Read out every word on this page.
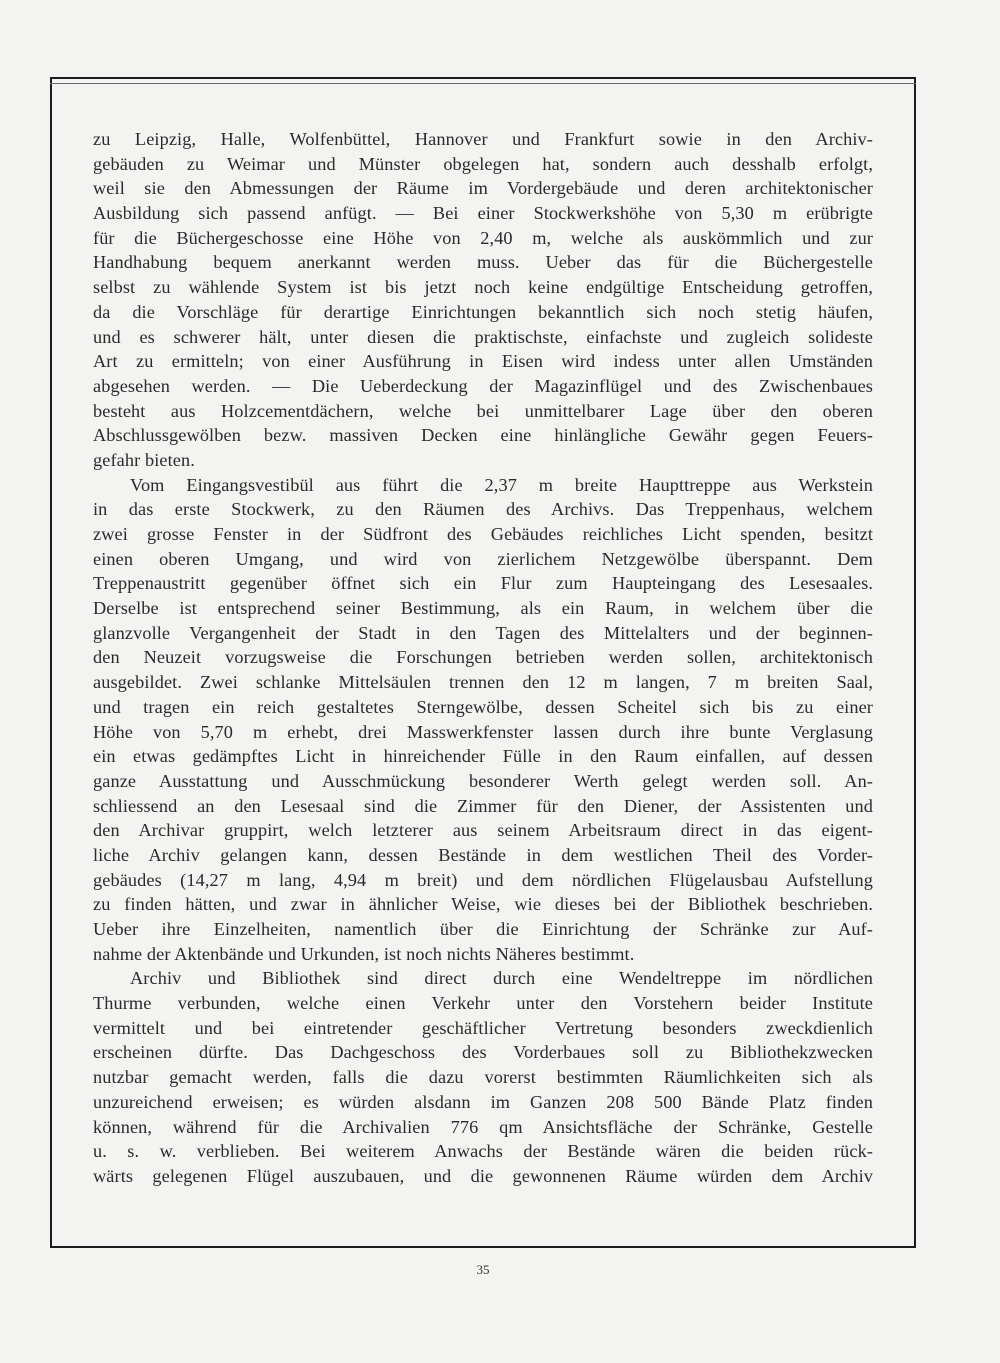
zu Leipzig, Halle, Wolfenbüttel, Hannover und Frankfurt sowie in den Archiv-
gebäuden zu Weimar und Münster obgelegen hat, sondern auch desshalb erfolgt,
weil sie den Abmessungen der Räume im Vordergebäude und deren architektonischer
Ausbildung sich passend anfügt. — Bei einer Stockwerkshöhe von 5,30 m erübrigte
für die Büchergeschosse eine Höhe von 2,40 m, welche als auskömmlich und zur
Handhabung bequem anerkannt werden muss. Ueber das für die Büchergestelle
selbst zu wählende System ist bis jetzt noch keine endgültige Entscheidung getroffen,
da die Vorschläge für derartige Einrichtungen bekanntlich sich noch stetig häufen,
und es schwerer hält, unter diesen die praktischste, einfachste und zugleich solideste
Art zu ermitteln; von einer Ausführung in Eisen wird indess unter allen Umständen
abgesehen werden. — Die Ueberdeckung der Magazinflügel und des Zwischenbaues
besteht aus Holzcementdächern, welche bei unmittelbarer Lage über den oberen
Abschlussgewölben bezw. massiven Decken eine hinlängliche Gewähr gegen Feuers-
gefahr bieten.
Vom Eingangsvestibül aus führt die 2,37 m breite Haupttreppe aus Werkstein
in das erste Stockwerk, zu den Räumen des Archivs. Das Treppenhaus, welchem
zwei grosse Fenster in der Südfront des Gebäudes reichliches Licht spenden, besitzt
einen oberen Umgang, und wird von zierlichem Netzgewölbe überspannt. Dem
Treppenaustritt gegenüber öffnet sich ein Flur zum Haupteingang des Lesesaales.
Derselbe ist entsprechend seiner Bestimmung, als ein Raum, in welchem über die
glanzvolle Vergangenheit der Stadt in den Tagen des Mittelalters und der beginnen-
den Neuzeit vorzugsweise die Forschungen betrieben werden sollen, architektonisch
ausgebildet. Zwei schlanke Mittelsäulen trennen den 12 m langen, 7 m breiten Saal,
und tragen ein reich gestaltetes Sterngewölbe, dessen Scheitel sich bis zu einer
Höhe von 5,70 m erhebt, drei Masswerkfenster lassen durch ihre bunte Verglasung
ein etwas gedämpftes Licht in hinreichender Fülle in den Raum einfallen, auf dessen
ganze Ausstattung und Ausschmückung besonderer Werth gelegt werden soll. An-
schliessend an den Lesesaal sind die Zimmer für den Diener, der Assistenten und
den Archivar gruppirt, welch letzterer aus seinem Arbeitsraum direct in das eigent-
liche Archiv gelangen kann, dessen Bestände in dem westlichen Theil des Vorder-
gebäudes (14,27 m lang, 4,94 m breit) und dem nördlichen Flügelausbau Aufstellung
zu finden hätten, und zwar in ähnlicher Weise, wie dieses bei der Bibliothek beschrieben.
Ueber ihre Einzelheiten, namentlich über die Einrichtung der Schränke zur Auf-
nahme der Aktenbände und Urkunden, ist noch nichts Näheres bestimmt.
Archiv und Bibliothek sind direct durch eine Wendeltreppe im nördlichen
Thurme verbunden, welche einen Verkehr unter den Vorstehern beider Institute
vermittelt und bei eintretender geschäftlicher Vertretung besonders zweckdienlich
erscheinen dürfte. Das Dachgeschoss des Vorderbaues soll zu Bibliothekzwecken
nutzbar gemacht werden, falls die dazu vorerst bestimmten Räumlichkeiten sich als
unzureichend erweisen; es würden alsdann im Ganzen 208 500 Bände Platz finden
können, während für die Archivalien 776 qm Ansichtsfläche der Schränke, Gestelle
u. s. w. verblieben. Bei weiterem Anwachs der Bestände wären die beiden rück-
wärts gelegenen Flügel auszubauen, und die gewonnenen Räume würden dem Archiv
35
